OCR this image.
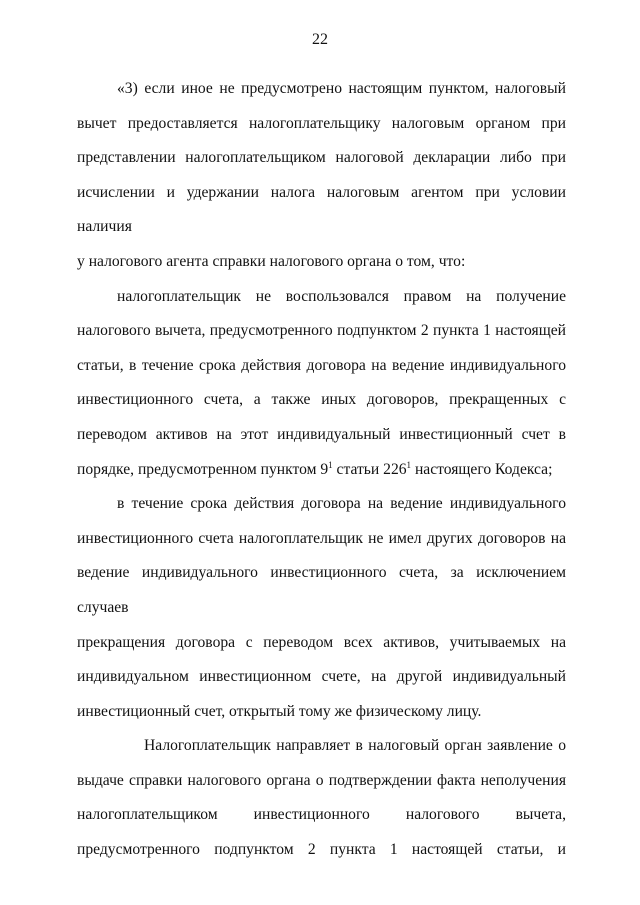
22
«3) если иное не предусмотрено настоящим пунктом, налоговый
вычет предоставляется налогоплательщику налоговым органом при
представлении налогоплательщиком налоговой декларации либо при
исчислении и удержании налога налоговым агентом при условии наличия
у налогового агента справки налогового органа о том, что:
налогоплательщик не воспользовался правом на получение
налогового вычета, предусмотренного подпунктом 2 пункта 1 настоящей
статьи, в течение срока действия договора на ведение индивидуального
инвестиционного счета, а также иных договоров, прекращенных с
переводом активов на этот индивидуальный инвестиционный счет в
порядке, предусмотренном пунктом $9^1$ статьи $226^1$ настоящего Кодекса;
в течение срока действия договора на ведение индивидуального
инвестиционного счета налогоплательщик не имел других договоров на
ведение индивидуального инвестиционного счета, за исключением случаев
прекращения договора с переводом всех активов, учитываемых на
индивидуальном инвестиционном счете, на другой индивидуальный
инвестиционный счет, открытый тому же физическому лицу.
Налогоплательщик направляет в налоговый орган заявление о
выдаче справки налогового органа о подтверждении факта неполучения
налогоплательщиком инвестиционного налогового вычета,
предусмотренного подпунктом 2 пункта 1 настоящей статьи, и
